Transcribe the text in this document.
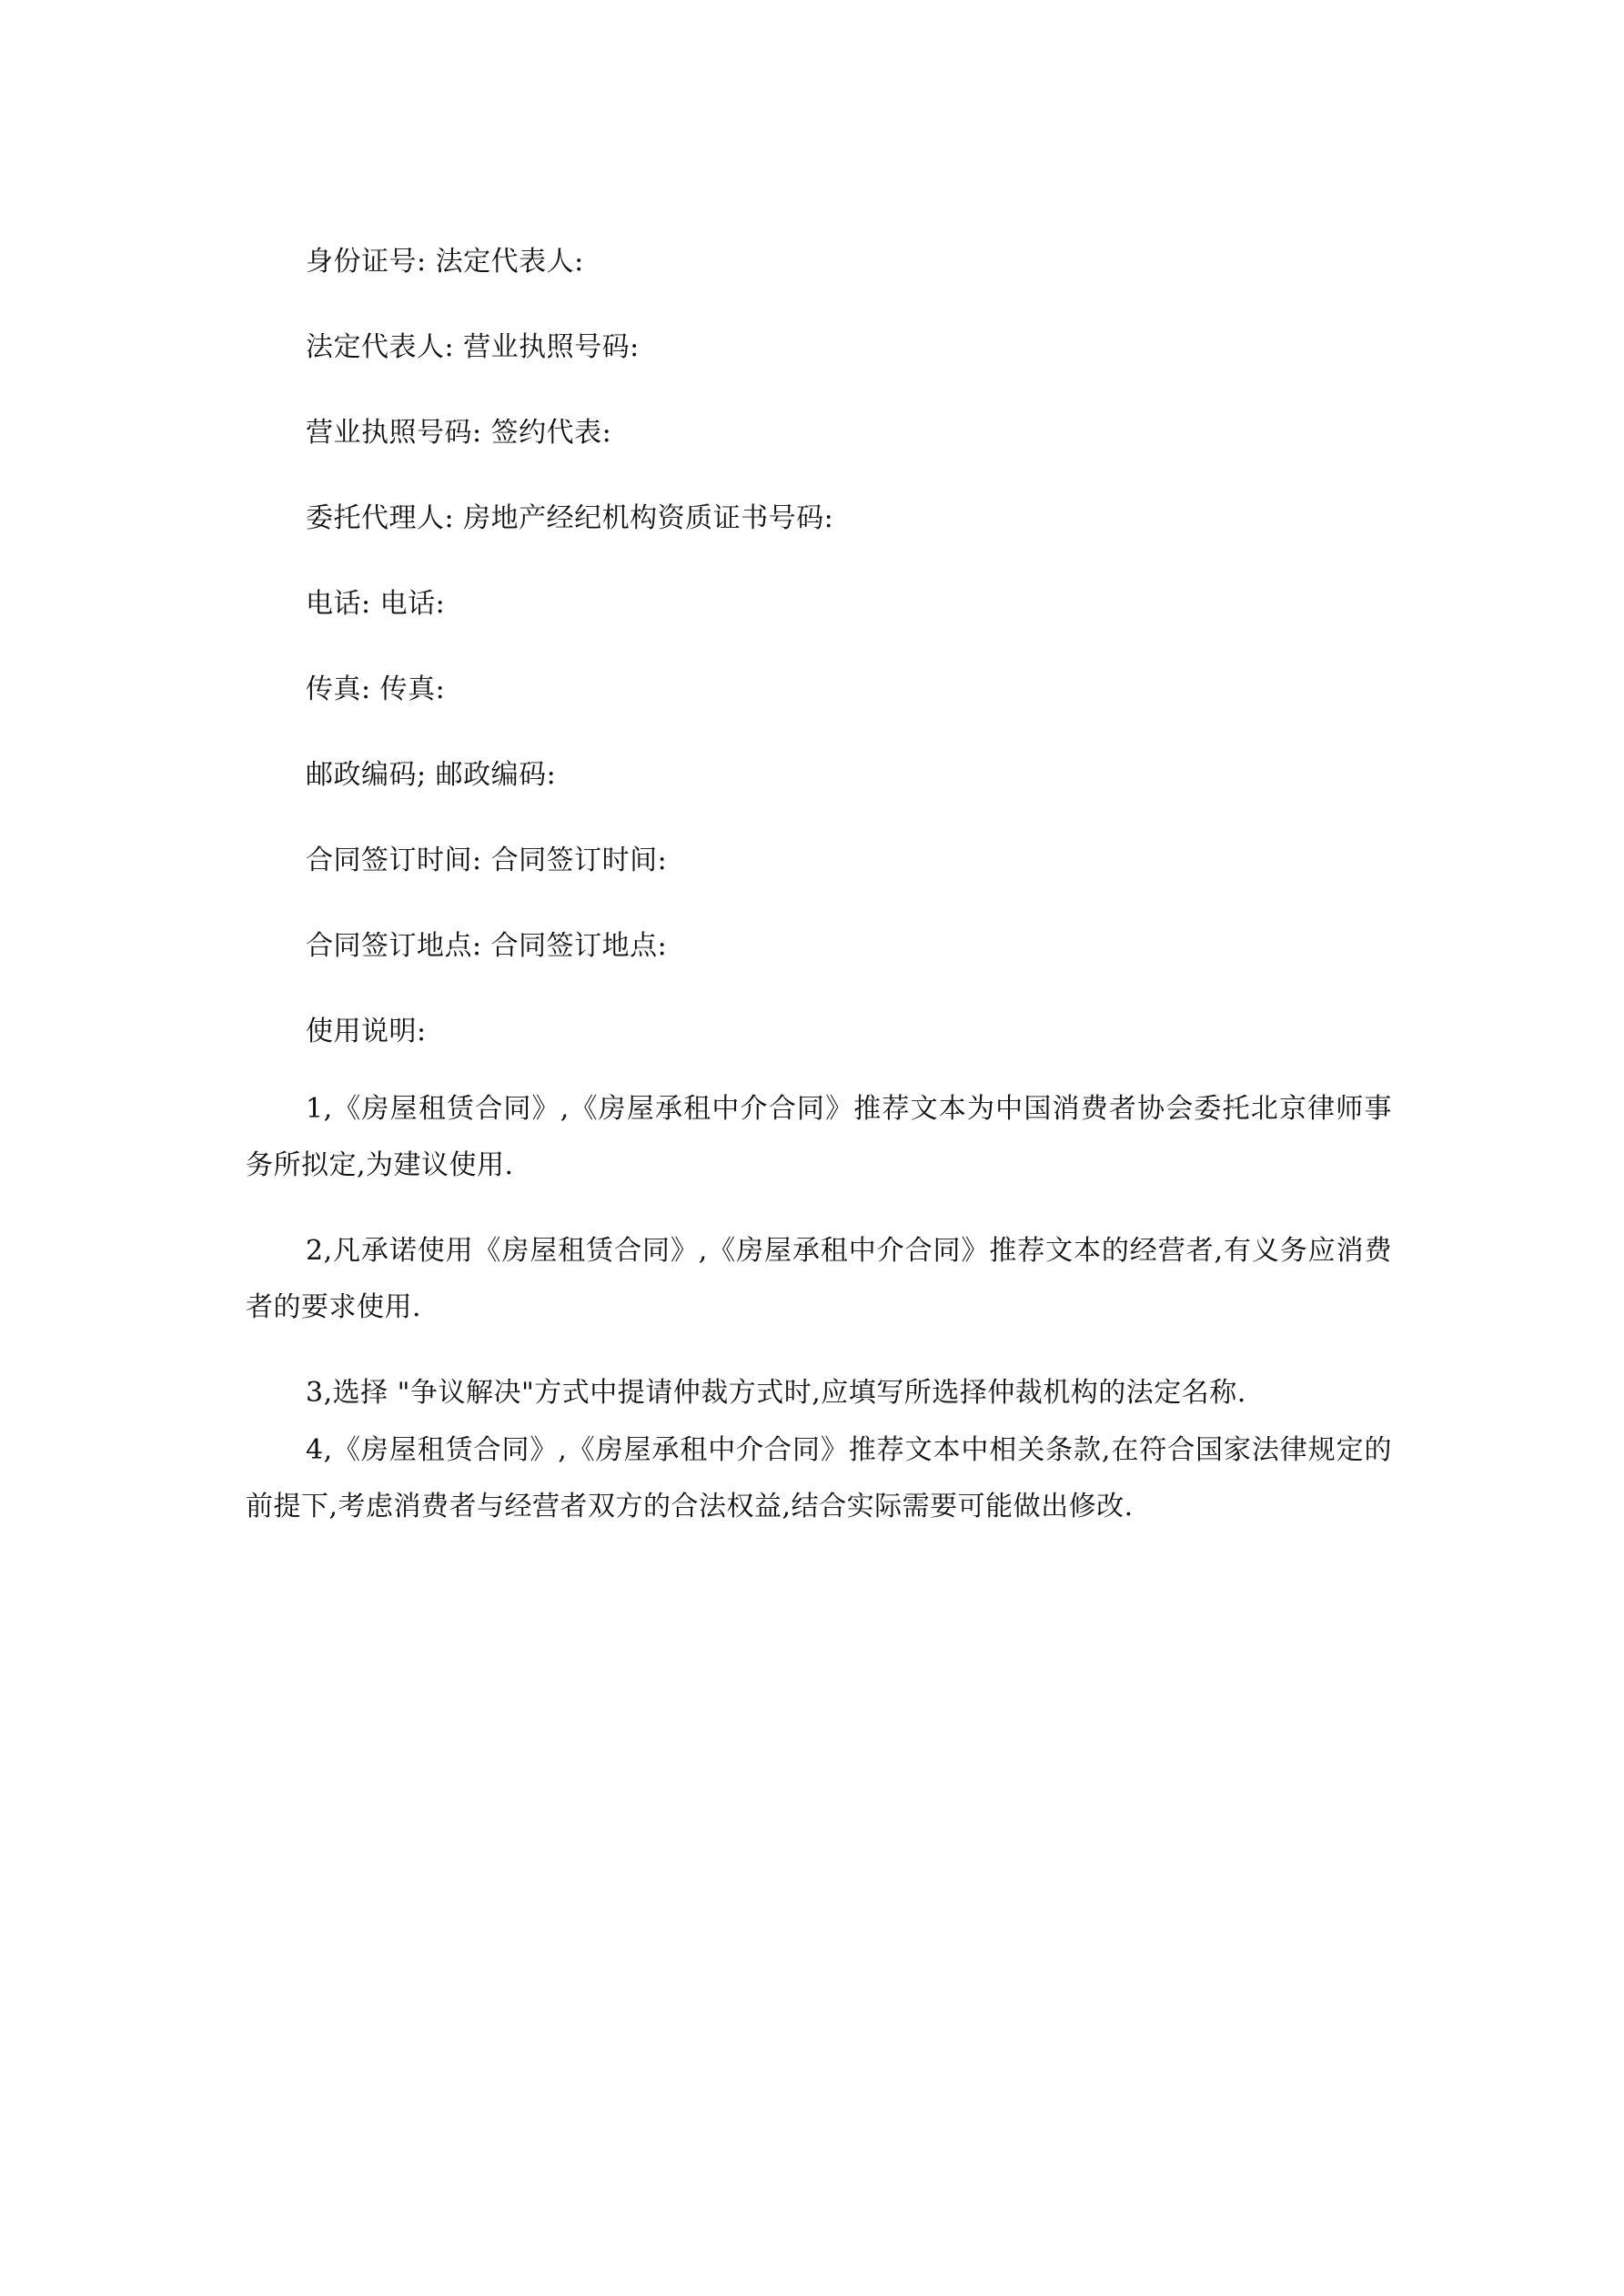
身份证号: 法定代表人:
法定代表人: 营业执照号码:
营业执照号码: 签约代表:
委托代理人: 房地产经纪机构资质证书号码:
电话: 电话:
传真: 传真:
邮政编码; 邮政编码:
合同签订时间: 合同签订时间:
合同签订地点: 合同签订地点:
使用说明:
1,《房屋租赁合同》,《房屋承租中介合同》推荐文本为中国消费者协会委托北京律师事务所拟定,为建议使用.
2,凡承诺使用《房屋租赁合同》,《房屋承租中介合同》推荐文本的经营者,有义务应消费者的要求使用.
3,选择 "争议解决"方式中提请仲裁方式时,应填写所选择仲裁机构的法定名称.
4,《房屋租赁合同》,《房屋承租中介合同》推荐文本中相关条款,在符合国家法律规定的前提下,考虑消费者与经营者双方的合法权益,结合实际需要可能做出修改.
